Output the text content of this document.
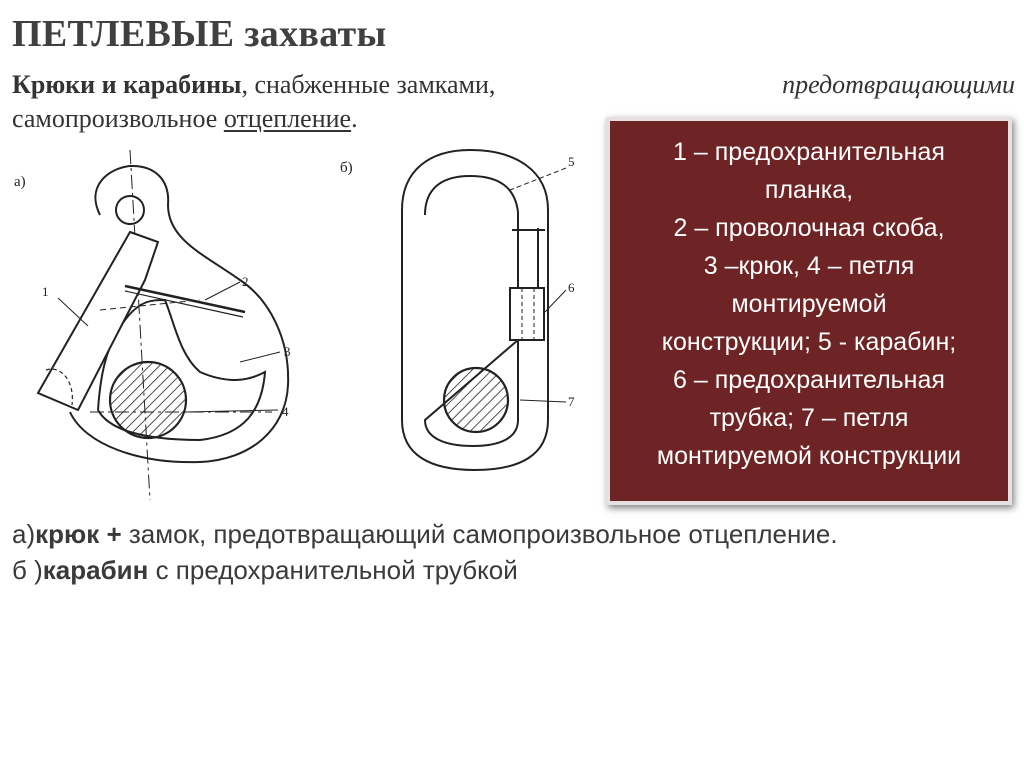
ПЕТЛЕВЫЕ захваты
Крюки и карабины, снабженные замками,	предотвращающими
самопроизвольное отцепление.
а)
1
2
3
4
б)	5
6
7
1 – предохранительная
планка,
2 – проволочная скоба,
3 –крюк, 4 – петля
монтируемой
конструкции; 5 - карабин;
6 – предохранительная
трубка; 7 – петля
монтируемой конструкции
а)крюк + замок, предотвращающий самопроизвольное отцепление.
б )карабин с предохранительной трубкой
